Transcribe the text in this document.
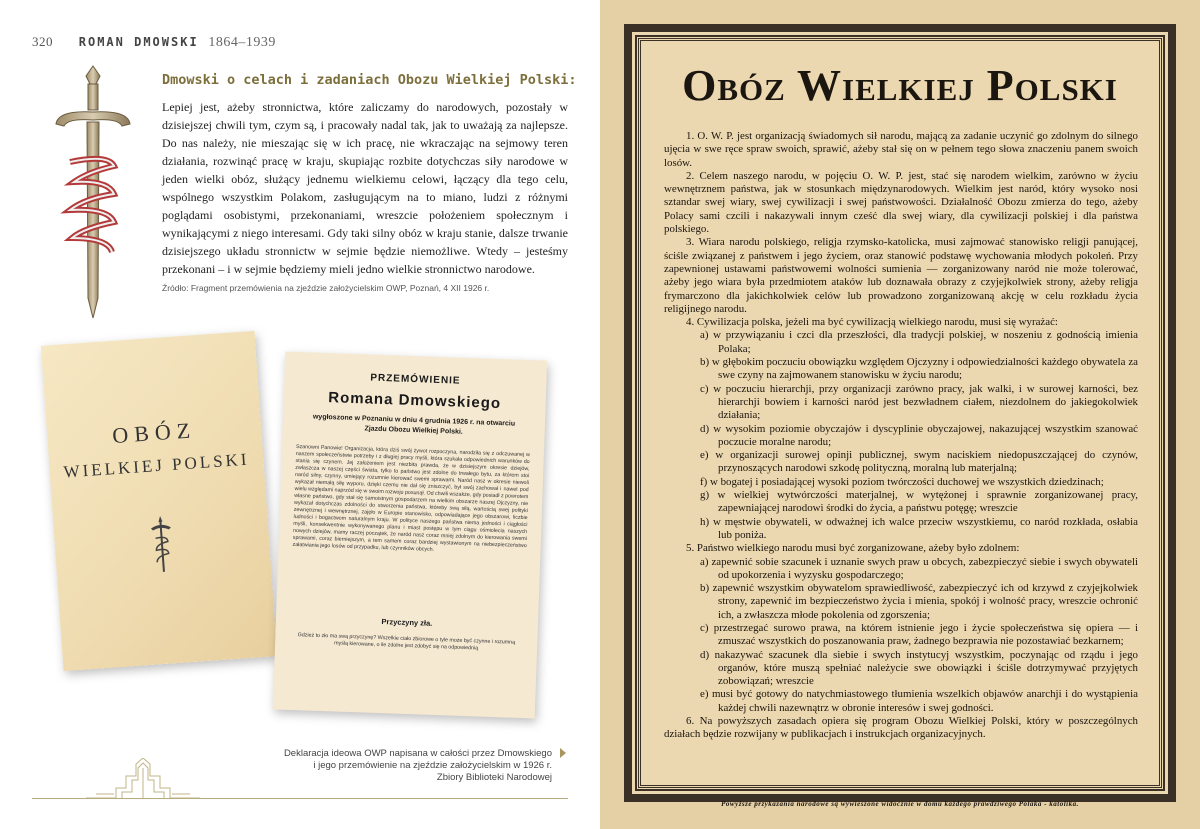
320 ROMAN DMOWSKI 1864–1939
Dmowski o celach i zadaniach Obozu Wielkiej Polski:
Lepiej jest, ażeby stronnictwa, które zaliczamy do narodowych, pozostały w dzisiejszej chwili tym, czym są, i pracowały nadal tak, jak to uważają za najlepsze. Do nas należy, nie mieszając się w ich pracę, nie wkraczając na sejmowy teren działania, rozwinąć pracę w kraju, skupiając rozbite dotychczas siły narodowe w jeden wielki obóz, służący jednemu wielkiemu celowi, łączący dla tego celu, wspólnego wszystkim Polakom, zasługującym na to miano, ludzi z różnymi poglądami osobistymi, przekonaniami, wreszcie położeniem społecznym i wynikającymi z niego interesami. Gdy taki silny obóz w kraju stanie, dalsze trwanie dzisiejszego układu stronnictw w sejmie będzie niemożliwe. Wtedy – jesteśmy przekonani – i w sejmie będziemy mieli jedno wielkie stronnictwo narodowe.
Źródło: Fragment przemówienia na zjeździe założycielskim OWP, Poznań, 4 XII 1926 r.
OBÓZ
WIELKIEJ POLSKI
PRZEMÓWIENIE
Romana Dmowskiego
wygłoszone w Poznaniu w dniu 4 grudnia 1926 r. na otwarciu Zjazdu Obozu Wielkiej Polski.
Szanowni Panowie! Organizacja, która dziś swój żywot rozpoczyna, narodziła się z odczuwanej w naszem społeczeństwie potrzeby i z długiej pracy myśli, która szukała odpowiednich warunków do stania się czynem. Jej założeniem jest niezbita prawda, że w dzisiejszym okresie dziejów, zwłaszcza w naszej części świata, tylko to państwo jest zdolne do trwałego bytu, za którem stoi naród silny, czynny, umiejący rozumnie kierować swemi sprawami. Naród nasz w okresie niewoli wykazał niemałą siłę wyporu, dzięki czemu nie dał się zniszczyć, był swój zachował i nawet pod wielu względami naprzód się w swoim rozwoju posunął. Od chwili wszakże, gdy posiadł z powrotem własne państwo, gdy stał się samoistnym gospodarzem na wielkim obszarze naszej Ojczyzny, nie wykazał dotychczas zdolności do stworzenia państwa, któreby swą siłą, wartością swej polityki zewnętrznej i wewnętrznej, zajęło w Europie stanowisko, odpowiadające jego obszarowi, liczbie ludności i bogactwom naturalnym kraju. W polityce naszego państwa niema jedności i ciągłości myśli, konsekwentnie wykonywanego planu i miast postępu w tym ciągu ośmiolecia naszych nowych dziejów, mamy raczej początek, że naród nasz coraz mniej zdolnym do kierowania swemi sprawami, coraz bierniejszym, a tem samem coraz bardziej wystawionym na niebezpieczeństwo załatwiania jego losów od przypadku, lub czynników obcych.
Przyczyny zła.
Gdzież to zło ma swą przyczynę? Wszelkie ciało zbiorowe o tyle może być czynne i rozumną myślą kierowane, o ile zdolne jest zdobyć się na odpowiednią
Deklaracja ideowa OWP napisana w całości przez Dmowskiego
i jego przemówienie na zjeździe założycielskim w 1926 r.
Zbiory Biblioteki Narodowej
Obóz Wielkiej Polski

1. O. W. P. jest organizacją świadomych sił narodu, mającą za zadanie uczynić go zdolnym do silnego ujęcia w swe ręce spraw swoich, sprawić, ażeby stał się on w pełnem tego słowa znaczeniu panem swoich losów.

2. Celem naszego narodu, w pojęciu O. W. P. jest, stać się narodem wielkim, zarówno w życiu wewnętrznem państwa, jak w stosunkach międzynarodowych. Wielkim jest naród, który wysoko nosi sztandar swej wiary, swej cywilizacji i swej państwowości. Działalność Obozu zmierza do tego, ażeby Polacy sami czcili i nakazywali innym cześć dla swej wiary, dla cywilizacji polskiej i dla państwa polskiego.

3. Wiara narodu polskiego, religja rzymsko-katolicka, musi zajmować stanowisko religji panującej, ściśle związanej z państwem i jego życiem, oraz stanowić podstawę wychowania młodych pokoleń. Przy zapewnionej ustawami państwowemi wolności sumienia — zorganizowany naród nie może tolerować, ażeby jego wiara była przedmiotem ataków lub doznawała obrazy z czyjejkolwiek strony, ażeby religja frymarczono dla jakichkolwiek celów lub prowadzono zorganizowaną akcję w celu rozkładu życia religijnego narodu.

4. Cywilizacja polska, jeżeli ma być cywilizacją wielkiego narodu, musi się wyrażać:

a) w przywiązaniu i czci dla przeszłości, dla tradycji polskiej, w noszeniu z godnością imienia Polaka;

b) w głębokim poczuciu obowiązku względem Ojczyzny i odpowiedzialności każdego obywatela za swe czyny na zajmowanem stanowisku w życiu narodu;

c) w poczuciu hierarchji, przy organizacji zarówno pracy, jak walki, i w surowej karności, bez hierarchji bowiem i karności naród jest bezwładnem ciałem, niezdolnem do jakiegokolwiek działania;

d) w wysokim poziomie obyczajów i dyscyplinie obyczajowej, nakazującej wszystkim szanować poczucie moralne narodu;

e) w organizacji surowej opinji publicznej, swym naciskiem niedopuszczającej do czynów, przynoszących narodowi szkodę polityczną, moralną lub materjalną;

f) w bogatej i posiadającej wysoki poziom twórczości duchowej we wszystkich dziedzinach;

g) w wielkiej wytwórczości materjalnej, w wytężonej i sprawnie zorganizowanej pracy, zapewniającej narodowi środki do życia, a państwu potęgę; wreszcie

h) w męstwie obywateli, w odważnej ich walce przeciw wszystkiemu, co naród rozkłada, osłabia lub poniża.

5. Państwo wielkiego narodu musi być zorganizowane, ażeby było zdolnem:

a) zapewnić sobie szacunek i uznanie swych praw u obcych, zabezpieczyć siebie i swych obywateli od upokorzenia i wyzysku gospodarczego;

b) zapewnić wszystkim obywatelom sprawiedliwość, zabezpieczyć ich od krzywd z czyjejkolwiek strony, zapewnić im bezpieczeństwo życia i mienia, spokój i wolność pracy, wreszcie ochronić ich, a zwłaszcza młode pokolenia od zgorszenia;

c) przestrzegać surowo prawa, na którem istnienie jego i życie społeczeństwa się opiera — i zmuszać wszystkich do poszanowania praw, żadnego bezprawia nie pozostawiać bezkarnem;

d) nakazywać szacunek dla siebie i swych instytucyj wszystkim, poczynając od rządu i jego organów, które muszą spełniać należycie swe obowiązki i ściśle dotrzymywać przyjętych zobowiązań; wreszcie

e) musi być gotowy do natychmiastowego tłumienia wszelkich objawów anarchji i do wystąpienia każdej chwili nazewnątrz w obronie interesów i swej godności.

6. Na powyższych zasadach opiera się program Obozu Wielkiej Polski, który w poszczególnych działach będzie rozwijany w publikacjach i instrukcjach organizacyjnych.

Powyższe przykazania narodowe są wywieszone widocznie w domu każdego prawdziwego Polaka - katolika.
